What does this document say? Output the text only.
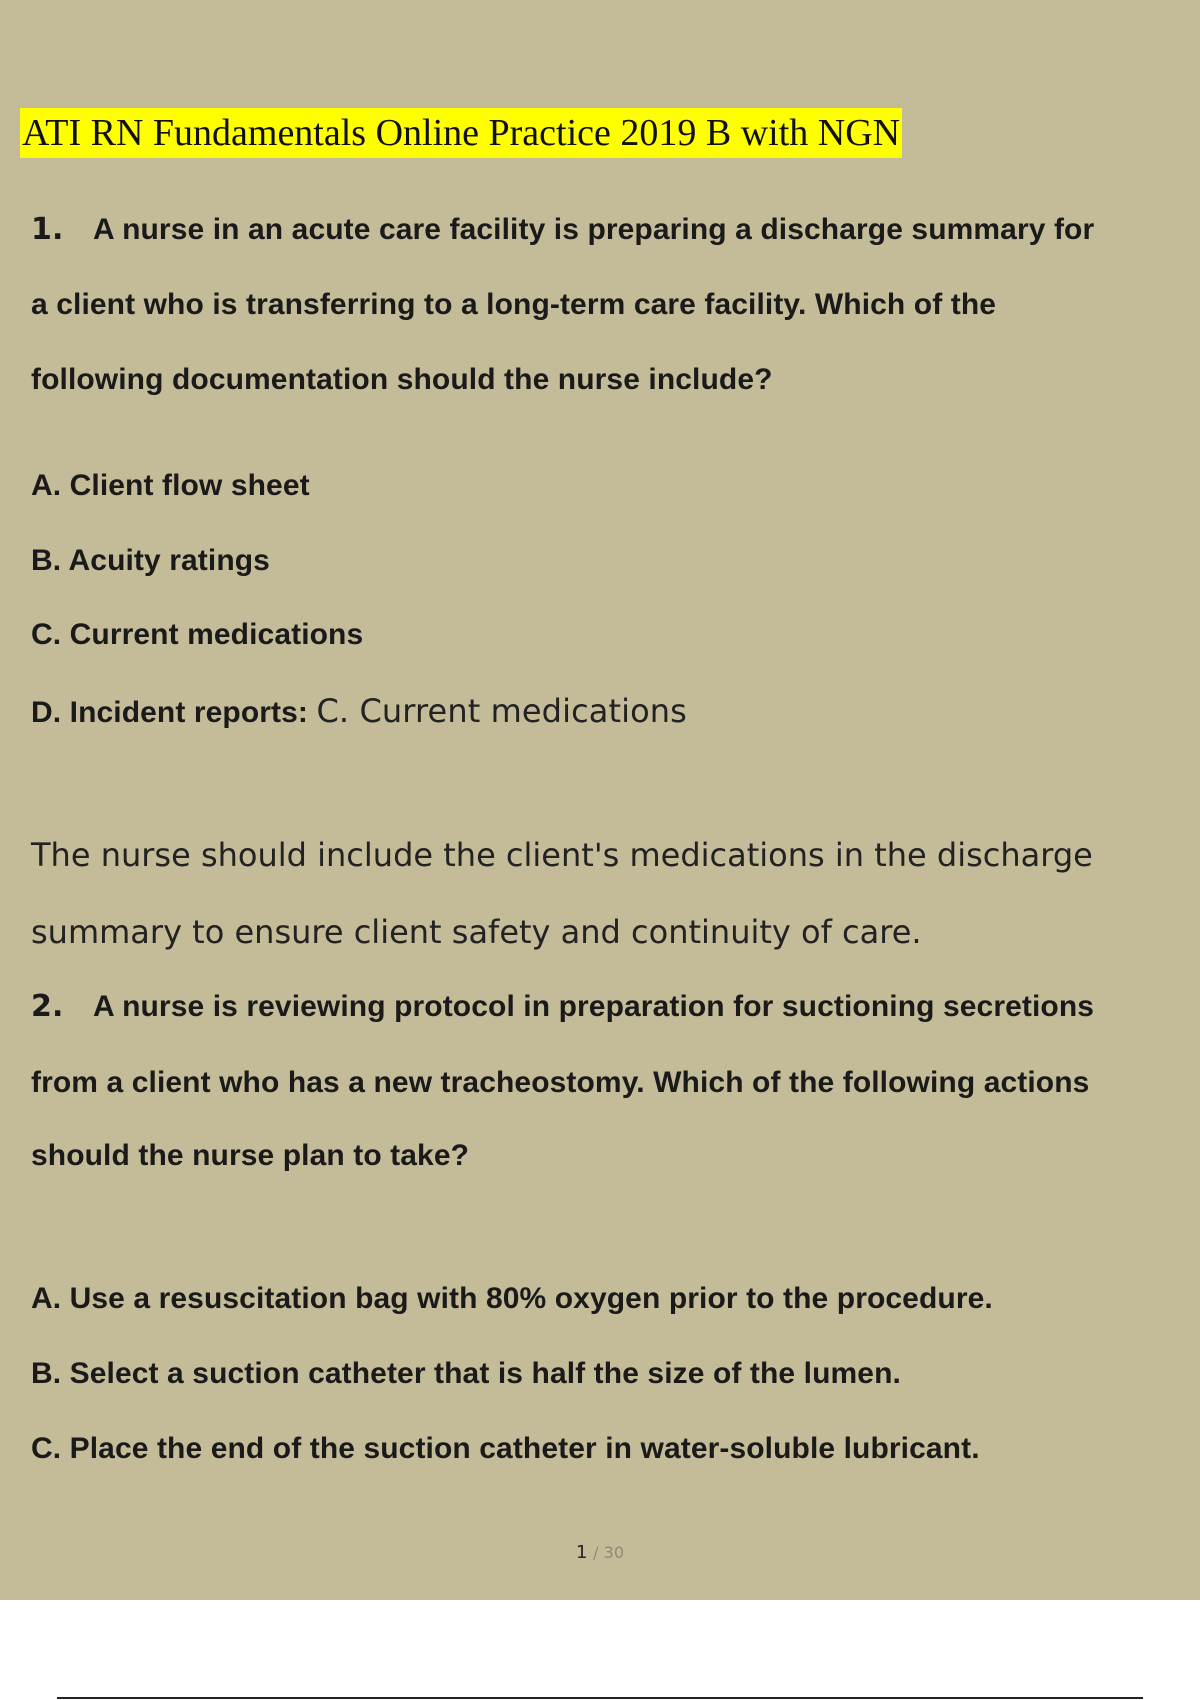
ATI RN Fundamentals Online Practice 2019 B with NGN
1. A nurse in an acute care facility is preparing a discharge summary for
a client who is transferring to a long-term care facility. Which of the
following documentation should the nurse include?
A. Client flow sheet
B. Acuity ratings
C. Current medications
D. Incident reports: C. Current medications
The nurse should include the client's medications in the discharge
summary to ensure client safety and continuity of care.
2. A nurse is reviewing protocol in preparation for suctioning secretions
from a client who has a new tracheostomy. Which of the following actions
should the nurse plan to take?
A. Use a resuscitation bag with 80% oxygen prior to the procedure.
B. Select a suction catheter that is half the size of the lumen.
C. Place the end of the suction catheter in water-soluble lubricant.
1 / 30
